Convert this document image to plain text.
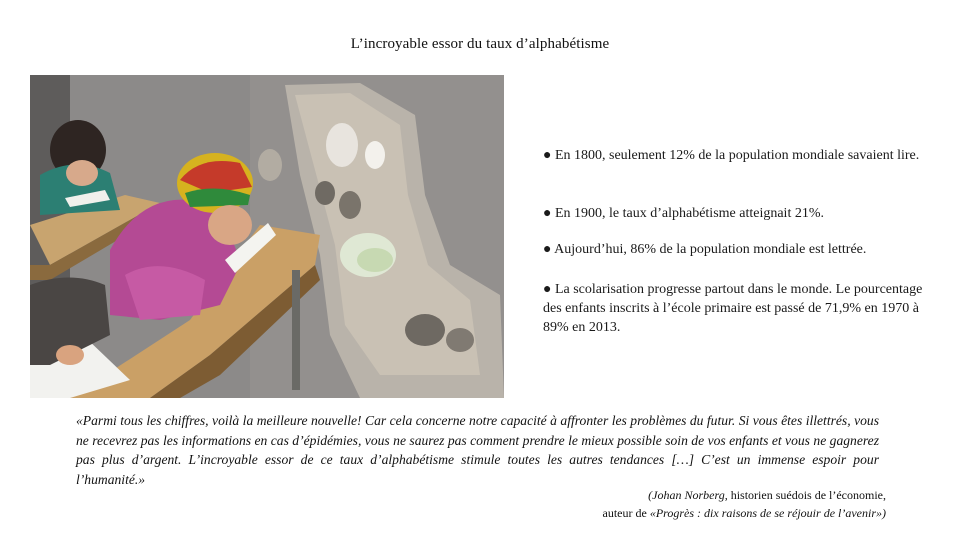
L’incroyable essor du taux d’alphabétisme

● En 1800, seulement 12% de la population mondiale savaient lire.

● En 1900, le taux d’alphabétisme atteignait 21%.

● Aujourd’hui, 86% de la population mondiale est lettrée.

● La scolarisation progresse partout dans le monde. Le pourcentage des enfants inscrits à l’école primaire est passé de 71,9% en 1970 à 89% en 2013.

«Parmi tous les chiffres, voilà la meilleure nouvelle! Car cela concerne notre capacité à affronter les problèmes du futur. Si vous êtes illettrés, vous ne recevrez pas les informations en cas d’épidémies, vous ne saurez pas comment prendre le mieux possible soin de vos enfants et vous ne gagnerez pas plus d’argent. L’incroyable essor de ce taux d’alphabétisme stimule toutes les autres tendances […] C’est un immense espoir pour l’humanité.»
(Johan Norberg, historien suédois de l’économie,
auteur de «Progrès : dix raisons de se réjouir de l’avenir»)
